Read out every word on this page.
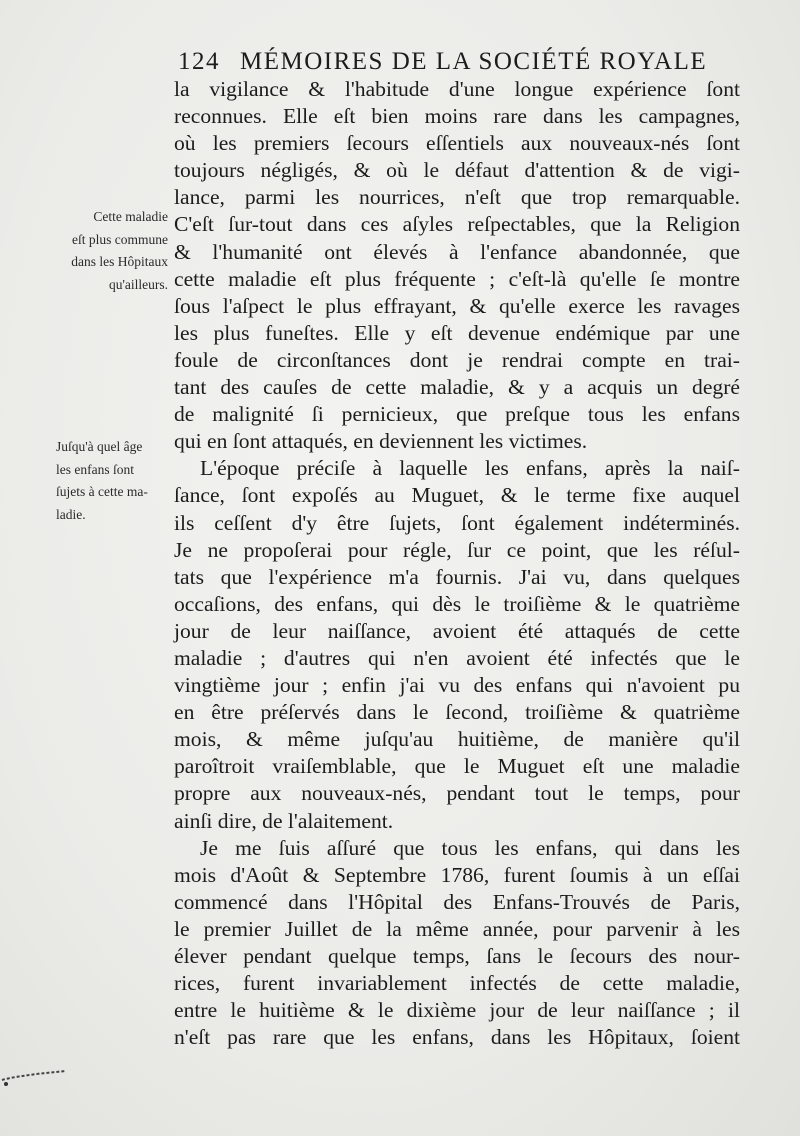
124 MÉMOIRES DE LA SOCIÉTÉ ROYALE
Cette maladie
eſt plus commune
dans les Hôpitaux
qu'ailleurs.
Juſqu'à quel âge
les enfans ſont
ſujets à cette ma-
ladie.
la vigilance & l'habitude d'une longue expérience ſont
reconnues. Elle eſt bien moins rare dans les campagnes,
où les premiers ſecours eſſentiels aux nouveaux-nés ſont
toujours négligés, & où le défaut d'attention & de vigi-
lance, parmi les nourrices, n'eſt que trop remarquable.
C'eſt ſur-tout dans ces aſyles reſpectables, que la Religion
& l'humanité ont élevés à l'enfance abandonnée, que
cette maladie eſt plus fréquente ; c'eſt-là qu'elle ſe montre
ſous l'aſpect le plus effrayant, & qu'elle exerce les ravages
les plus funeſtes. Elle y eſt devenue endémique par une
foule de circonſtances dont je rendrai compte en trai-
tant des cauſes de cette maladie, & y a acquis un degré
de malignité ſi pernicieux, que preſque tous les enfans
qui en ſont attaqués, en deviennent les victimes.
L'époque préciſe à laquelle les enfans, après la naiſ-
ſance, ſont expoſés au Muguet, & le terme fixe auquel
ils ceſſent d'y être ſujets, ſont également indéterminés.
Je ne propoſerai pour régle, ſur ce point, que les réſul-
tats que l'expérience m'a fournis. J'ai vu, dans quelques
occaſions, des enfans, qui dès le troiſième & le quatrième
jour de leur naiſſance, avoient été attaqués de cette
maladie ; d'autres qui n'en avoient été infectés que le
vingtième jour ; enfin j'ai vu des enfans qui n'avoient pu
en être préſervés dans le ſecond, troiſième & quatrième
mois, & même juſqu'au huitième, de manière qu'il
paroîtroit vraiſemblable, que le Muguet eſt une maladie
propre aux nouveaux-nés, pendant tout le temps, pour
ainſi dire, de l'alaitement.
Je me ſuis aſſuré que tous les enfans, qui dans les
mois d'Août & Septembre 1786, furent ſoumis à un eſſai
commencé dans l'Hôpital des Enfans-Trouvés de Paris,
le premier Juillet de la même année, pour parvenir à les
élever pendant quelque temps, ſans le ſecours des nour-
rices, furent invariablement infectés de cette maladie,
entre le huitième & le dixième jour de leur naiſſance ; il
n'eſt pas rare que les enfans, dans les Hôpitaux, ſoient
